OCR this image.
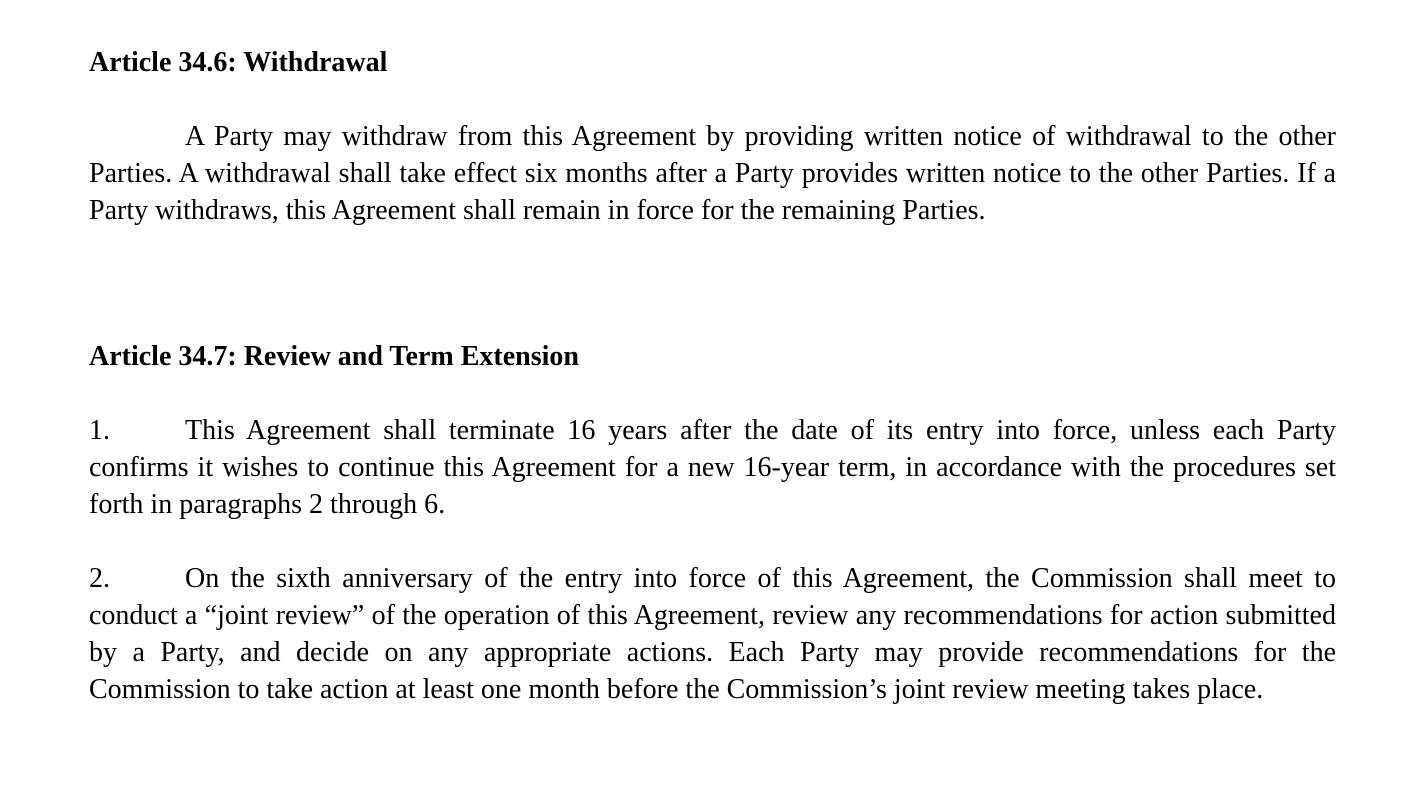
Article 34.6: Withdrawal
A Party may withdraw from this Agreement by providing written notice of withdrawal to the other Parties. A withdrawal shall take effect six months after a Party provides written notice to the other Parties. If a Party withdraws, this Agreement shall remain in force for the remaining Parties.
Article 34.7: Review and Term Extension
1.	This Agreement shall terminate 16 years after the date of its entry into force, unless each Party confirms it wishes to continue this Agreement for a new 16-year term, in accordance with the procedures set forth in paragraphs 2 through 6.
2.	On the sixth anniversary of the entry into force of this Agreement, the Commission shall meet to conduct a “joint review” of the operation of this Agreement, review any recommendations for action submitted by a Party, and decide on any appropriate actions. Each Party may provide recommendations for the Commission to take action at least one month before the Commission’s joint review meeting takes place.
